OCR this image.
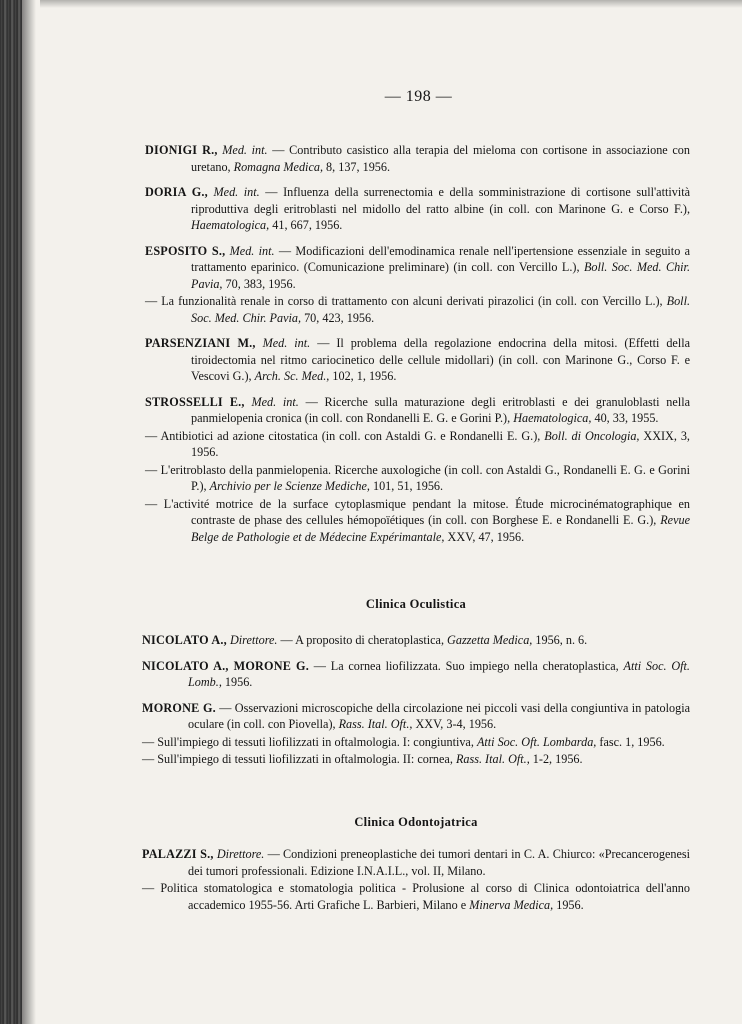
— 198 —

DIONIGI R., Med. int. — Contributo casistico alla terapia del mieloma con cortisone in associazione con uretano, Romagna Medica, 8, 137, 1956.

DORIA G., Med. int. — Influenza della surrenectomia e della somministrazione di cortisone sull'attività riproduttiva degli eritroblasti nel midollo del ratto albine (in coll. con Marinone G. e Corso F.), Haematologica, 41, 667, 1956.

ESPOSITO S., Med. int. — Modificazioni dell'emodinamica renale nell'ipertensione essenziale in seguito a trattamento eparinico. (Comunicazione preliminare) (in coll. con Vercillo L.), Boll. Soc. Med. Chir. Pavia, 70, 383, 1956.

— La funzionalità renale in corso di trattamento con alcuni derivati pirazolici (in coll. con Vercillo L.), Boll. Soc. Med. Chir. Pavia, 70, 423, 1956.

PARSENZIANI M., Med. int. — Il problema della regolazione endocrina della mitosi. (Effetti della tiroidectomia nel ritmo cariocinetico delle cellule midollari) (in coll. con Marinone G., Corso F. e Vescovi G.), Arch. Sc. Med., 102, 1, 1956.

STROSSELLI E., Med. int. — Ricerche sulla maturazione degli eritroblasti e dei granuloblasti nella panmielopenia cronica (in coll. con Rondanelli E. G. e Gorini P.), Haematologica, 40, 33, 1955.

— Antibiotici ad azione citostatica (in coll. con Astaldi G. e Rondanelli E. G.), Boll. di Oncologia, XXIX, 3, 1956.

— L'eritroblasto della panmielopenia. Ricerche auxologiche (in coll. con Astaldi G., Rondanelli E. G. e Gorini P.), Archivio per le Scienze Mediche, 101, 51, 1956.

— L'activité motrice de la surface cytoplasmique pendant la mitose. Étude microcinématographique en contraste de phase des cellules hémopoïétiques (in coll. con Borghese E. e Rondanelli E. G.), Revue Belge de Pathologie et de Médecine Expérimantale, XXV, 47, 1956.

Clinica Oculistica

NICOLATO A., Direttore. — A proposito di cheratoplastica, Gazzetta Medica, 1956, n. 6.

NICOLATO A., MORONE G. — La cornea liofilizzata. Suo impiego nella cheratoplastica, Atti Soc. Oft. Lomb., 1956.

MORONE G. — Osservazioni microscopiche della circolazione nei piccoli vasi della congiuntiva in patologia oculare (in coll. con Piovella), Rass. Ital. Oft., XXV, 3-4, 1956.

— Sull'impiego di tessuti liofilizzati in oftalmologia. I: congiuntiva, Atti Soc. Oft. Lombarda, fasc. 1, 1956.

— Sull'impiego di tessuti liofilizzati in oftalmologia. II: cornea, Rass. Ital. Oft., 1-2, 1956.

Clinica Odontojatrica

PALAZZI S., Direttore. — Condizioni preneoplastiche dei tumori dentari in C. A. Chiurco: «Precancerogenesi dei tumori professionali. Edizione I.N.A.I.L., vol. II, Milano.

— Politica stomatologica e stomatologia politica - Prolusione al corso di Clinica odontoiatrica dell'anno accademico 1955-56. Arti Grafiche L. Barbieri, Milano e Minerva Medica, 1956.
